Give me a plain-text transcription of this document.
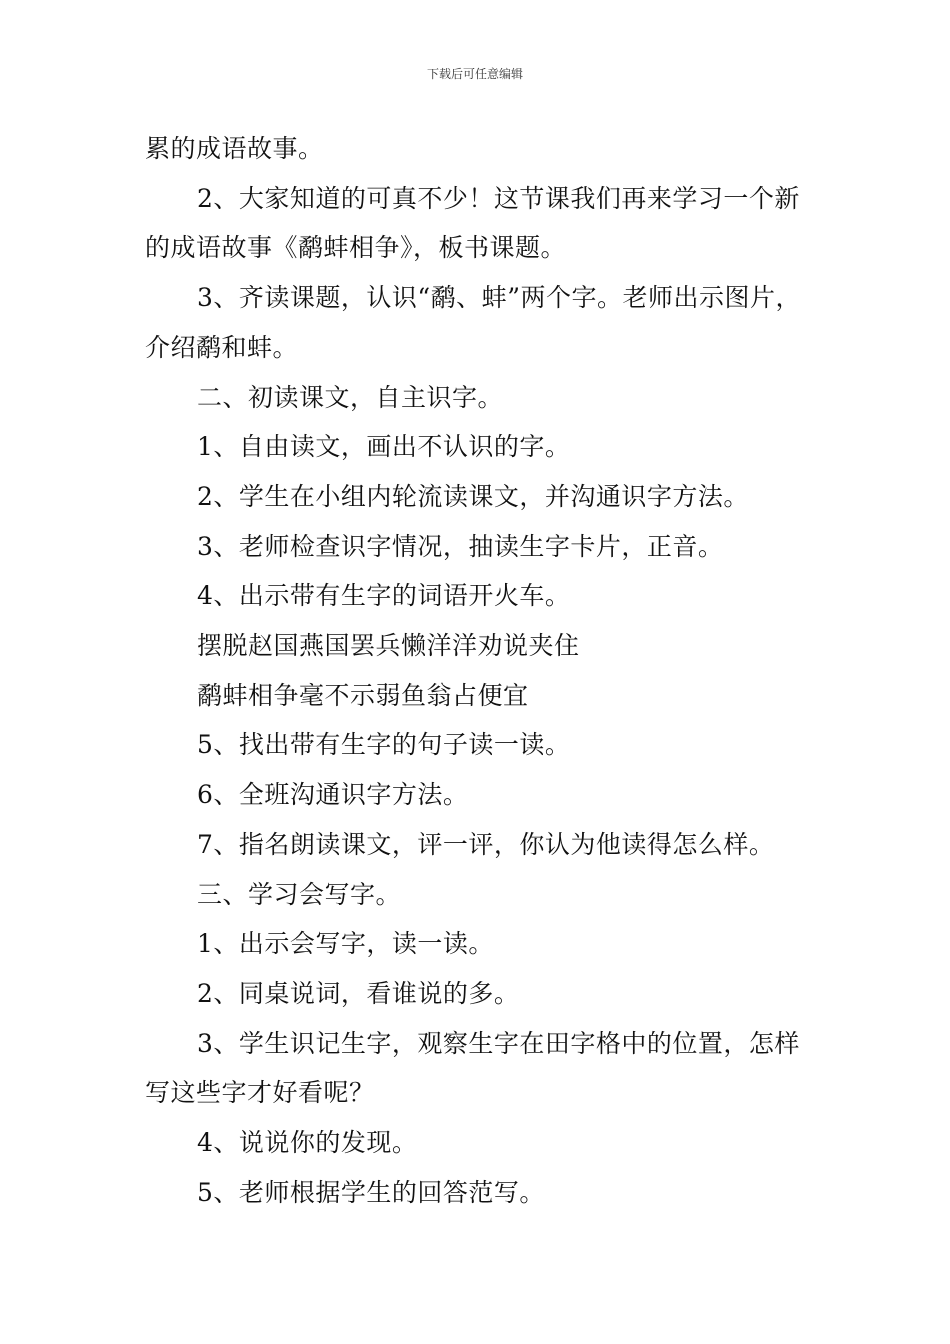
下载后可任意编辑

累的成语故事。

2、大家知道的可真不少！这节课我们再来学习一个新的成语故事《鹬蚌相争》，板书课题。

3、齐读课题，认识“鹬、蚌”两个字。老师出示图片，介绍鹬和蚌。

二、初读课文，自主识字。

1、自由读文，画出不认识的字。

2、学生在小组内轮流读课文，并沟通识字方法。

3、老师检查识字情况，抽读生字卡片，正音。

4、出示带有生字的词语开火车。

摆脱赵国燕国罢兵懒洋洋劝说夹住

鹬蚌相争毫不示弱鱼翁占便宜

5、找出带有生字的句子读一读。

6、全班沟通识字方法。

7、指名朗读课文，评一评，你认为他读得怎么样。

三、学习会写字。

1、出示会写字，读一读。

2、同桌说词，看谁说的多。

3、学生识记生字，观察生字在田字格中的位置，怎样写这些字才好看呢？

4、说说你的发现。

5、老师根据学生的回答范写。
